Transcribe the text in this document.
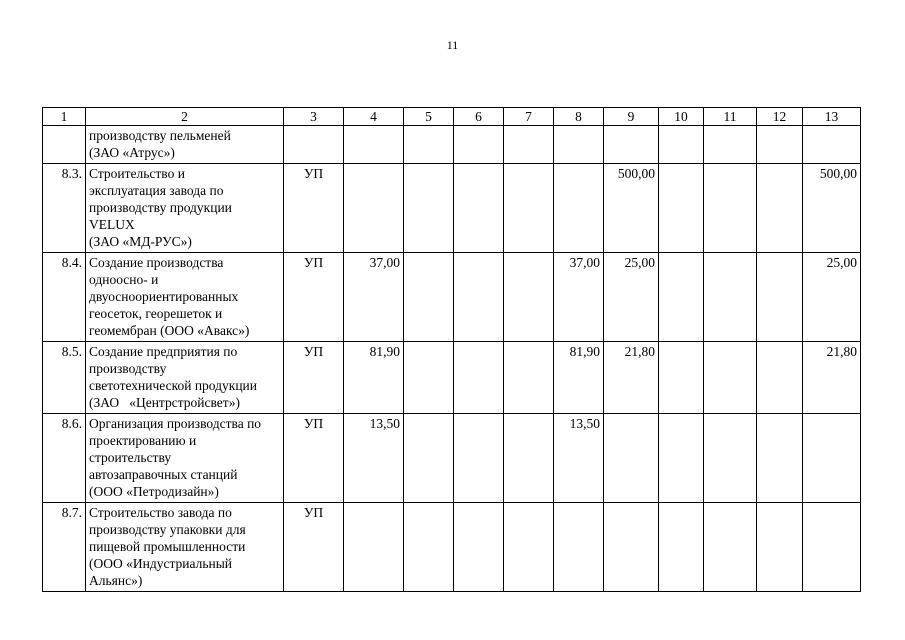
11
1	2	3	4	5	6	7	8	9	10	11	12	13

	производству пельменей
(ЗАО «Атрус»)											

8.3.	Строительство и
эксплуатация завода по
производству продукции
VELUX
(ЗАО «МД-РУС»)	УП						500,00				500,00
8.4.	Создание производства
одноосно- и
двуосноориентированных
геосеток, георешеток и
геомембран (ООО «Авакс»)	УП	37,00				37,00	25,00				25,00
8.5.	Создание предприятия по
производству
светотехнической продукции
(ЗАО   «Центрстройсвет»)	УП	81,90				81,90	21,80				21,80
8.6.	Организация производства по
проектированию и
строительству
автозаправочных станций
(ООО «Петродизайн»)	УП	13,50				13,50					
8.7.	Строительство завода по
производству упаковки для
пищевой промышленности
(ООО «Индустриальный
Альянс»)	УП										
